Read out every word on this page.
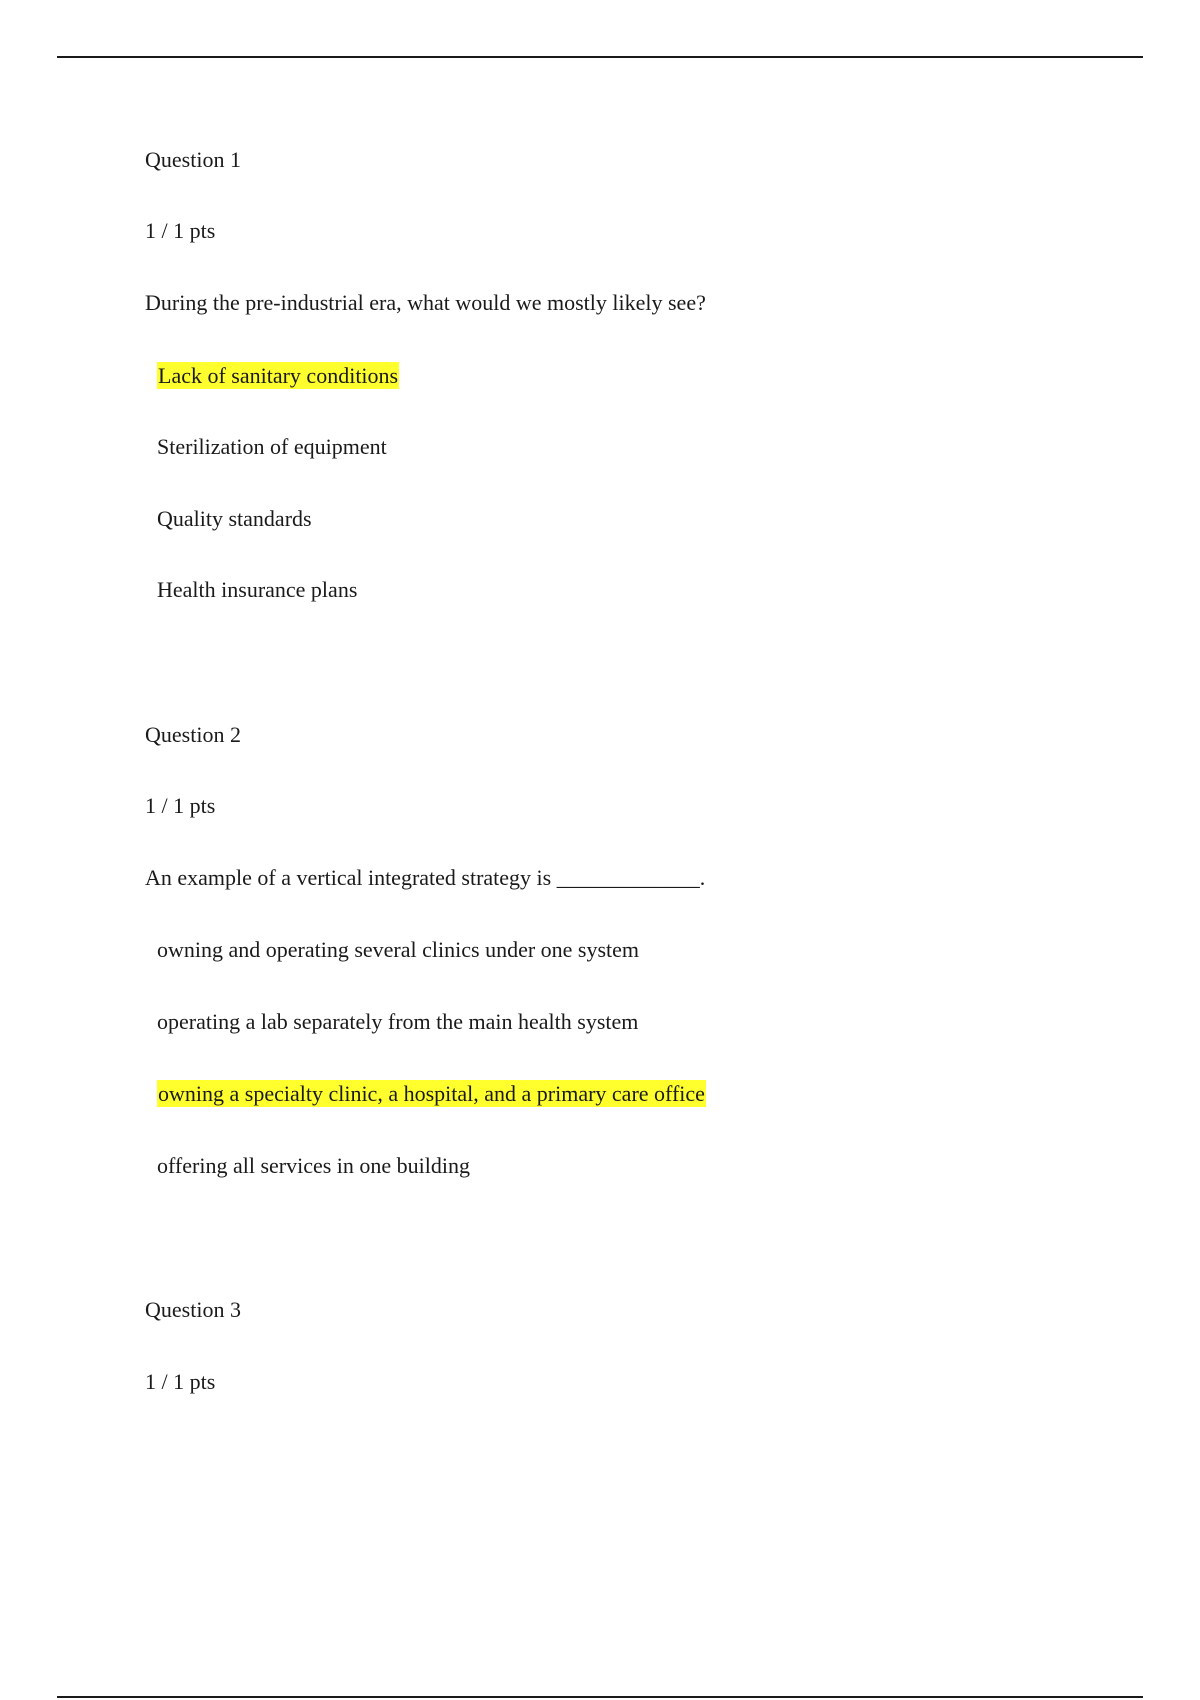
Question 1
1 / 1 pts
During the pre-industrial era, what would we mostly likely see?
Lack of sanitary conditions
Sterilization of equipment
Quality standards
Health insurance plans
Question 2
1 / 1 pts
An example of a vertical integrated strategy is _____________.
owning and operating several clinics under one system
operating a lab separately from the main health system
owning a specialty clinic, a hospital, and a primary care office
offering all services in one building
Question 3
1 / 1 pts
